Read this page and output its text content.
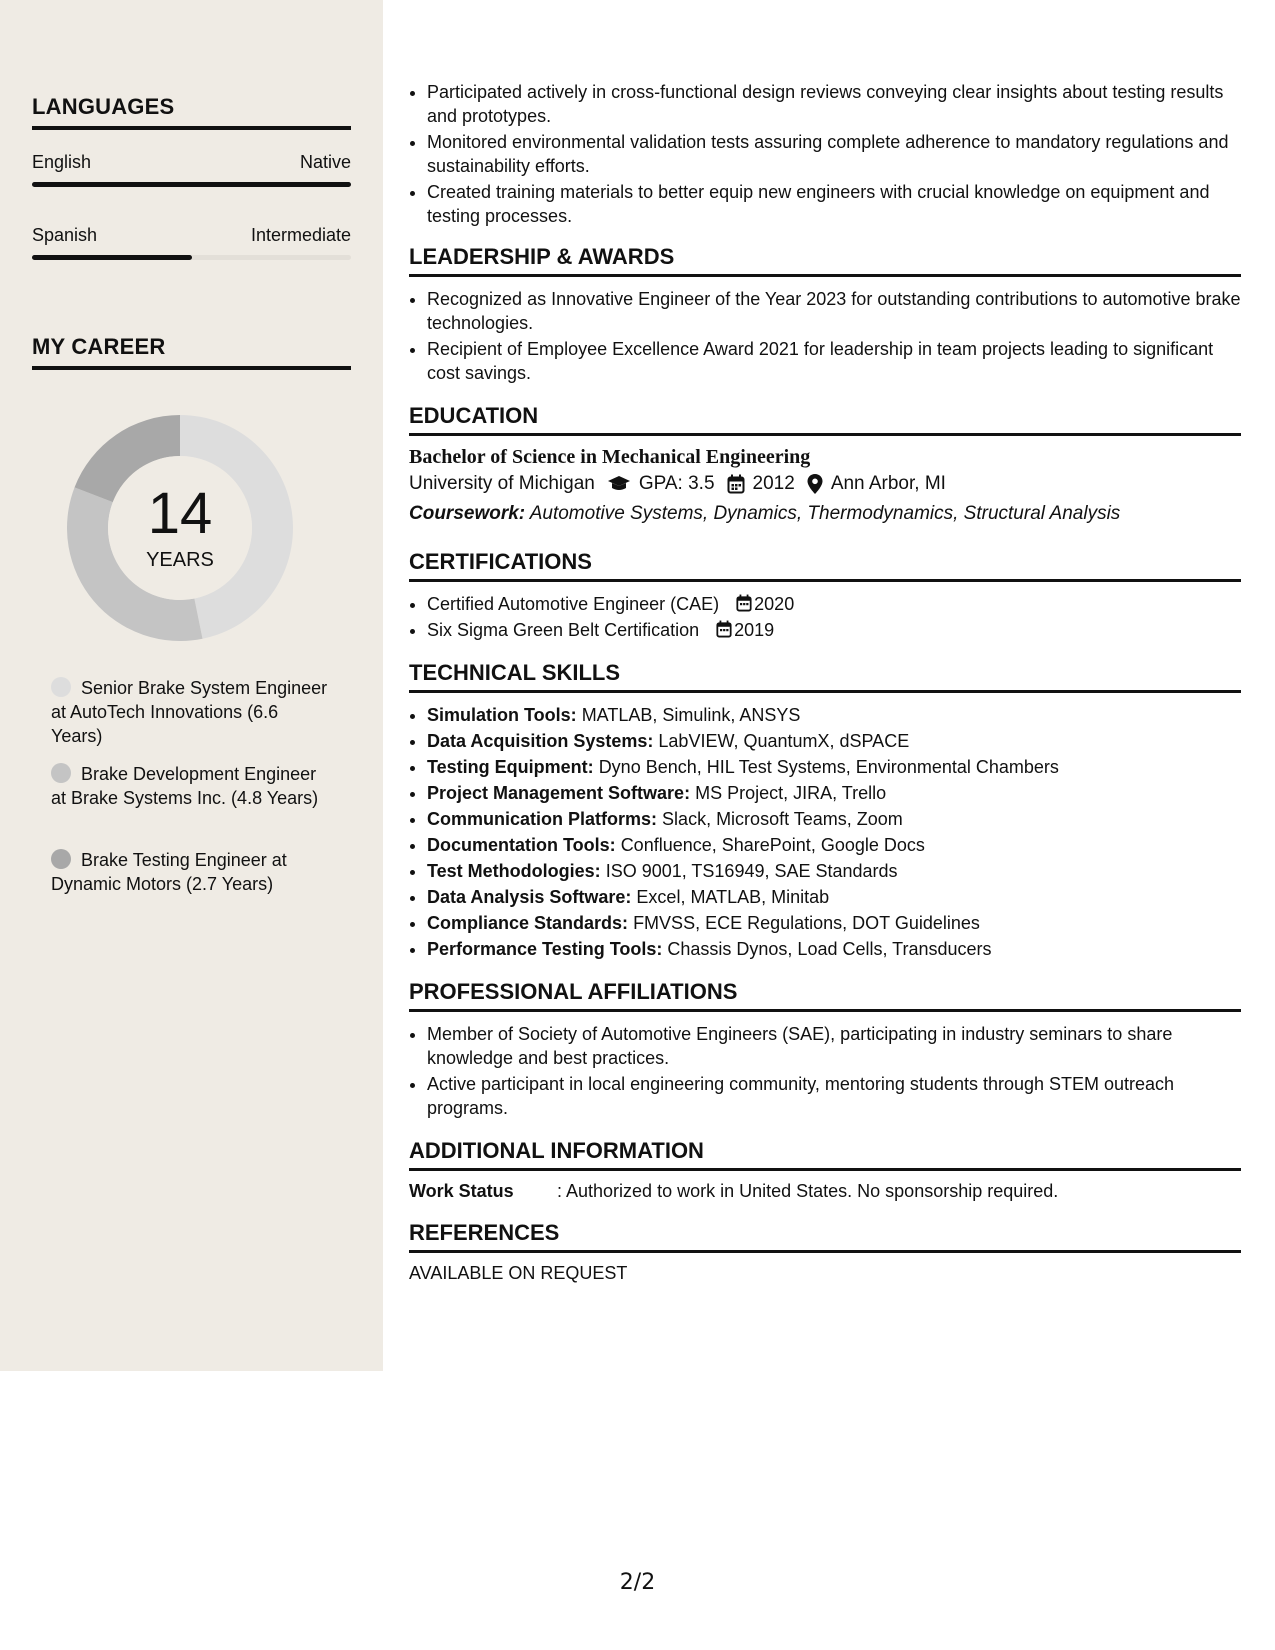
LANGUAGES
English	Native
Spanish	Intermediate
MY CAREER
14
YEARS
Senior Brake System Engineer at AutoTech Innovations (6.6 Years)
Brake Development Engineer at Brake Systems Inc. (4.8 Years)
Brake Testing Engineer at Dynamic Motors (2.7 Years)
• Participated actively in cross-functional design reviews conveying clear insights about testing results and prototypes.
• Monitored environmental validation tests assuring complete adherence to mandatory regulations and sustainability efforts.
• Created training materials to better equip new engineers with crucial knowledge on equipment and testing processes.
LEADERSHIP & AWARDS
• Recognized as Innovative Engineer of the Year 2023 for outstanding contributions to automotive brake technologies.
• Recipient of Employee Excellence Award 2021 for leadership in team projects leading to significant cost savings.
EDUCATION
Bachelor of Science in Mechanical Engineering
University of Michigan GPA: 3.5 2012 Ann Arbor, MI
Coursework: Automotive Systems, Dynamics, Thermodynamics, Structural Analysis
CERTIFICATIONS
• Certified Automotive Engineer (CAE) 2020
• Six Sigma Green Belt Certification 2019
TECHNICAL SKILLS
• Simulation Tools: MATLAB, Simulink, ANSYS
• Data Acquisition Systems: LabVIEW, QuantumX, dSPACE
• Testing Equipment: Dyno Bench, HIL Test Systems, Environmental Chambers
• Project Management Software: MS Project, JIRA, Trello
• Communication Platforms: Slack, Microsoft Teams, Zoom
• Documentation Tools: Confluence, SharePoint, Google Docs
• Test Methodologies: ISO 9001, TS16949, SAE Standards
• Data Analysis Software: Excel, MATLAB, Minitab
• Compliance Standards: FMVSS, ECE Regulations, DOT Guidelines
• Performance Testing Tools: Chassis Dynos, Load Cells, Transducers
PROFESSIONAL AFFILIATIONS
• Member of Society of Automotive Engineers (SAE), participating in industry seminars to share knowledge and best practices.
• Active participant in local engineering community, mentoring students through STEM outreach programs.
ADDITIONAL INFORMATION
Work Status	: Authorized to work in United States. No sponsorship required.
REFERENCES
AVAILABLE ON REQUEST
2/2
